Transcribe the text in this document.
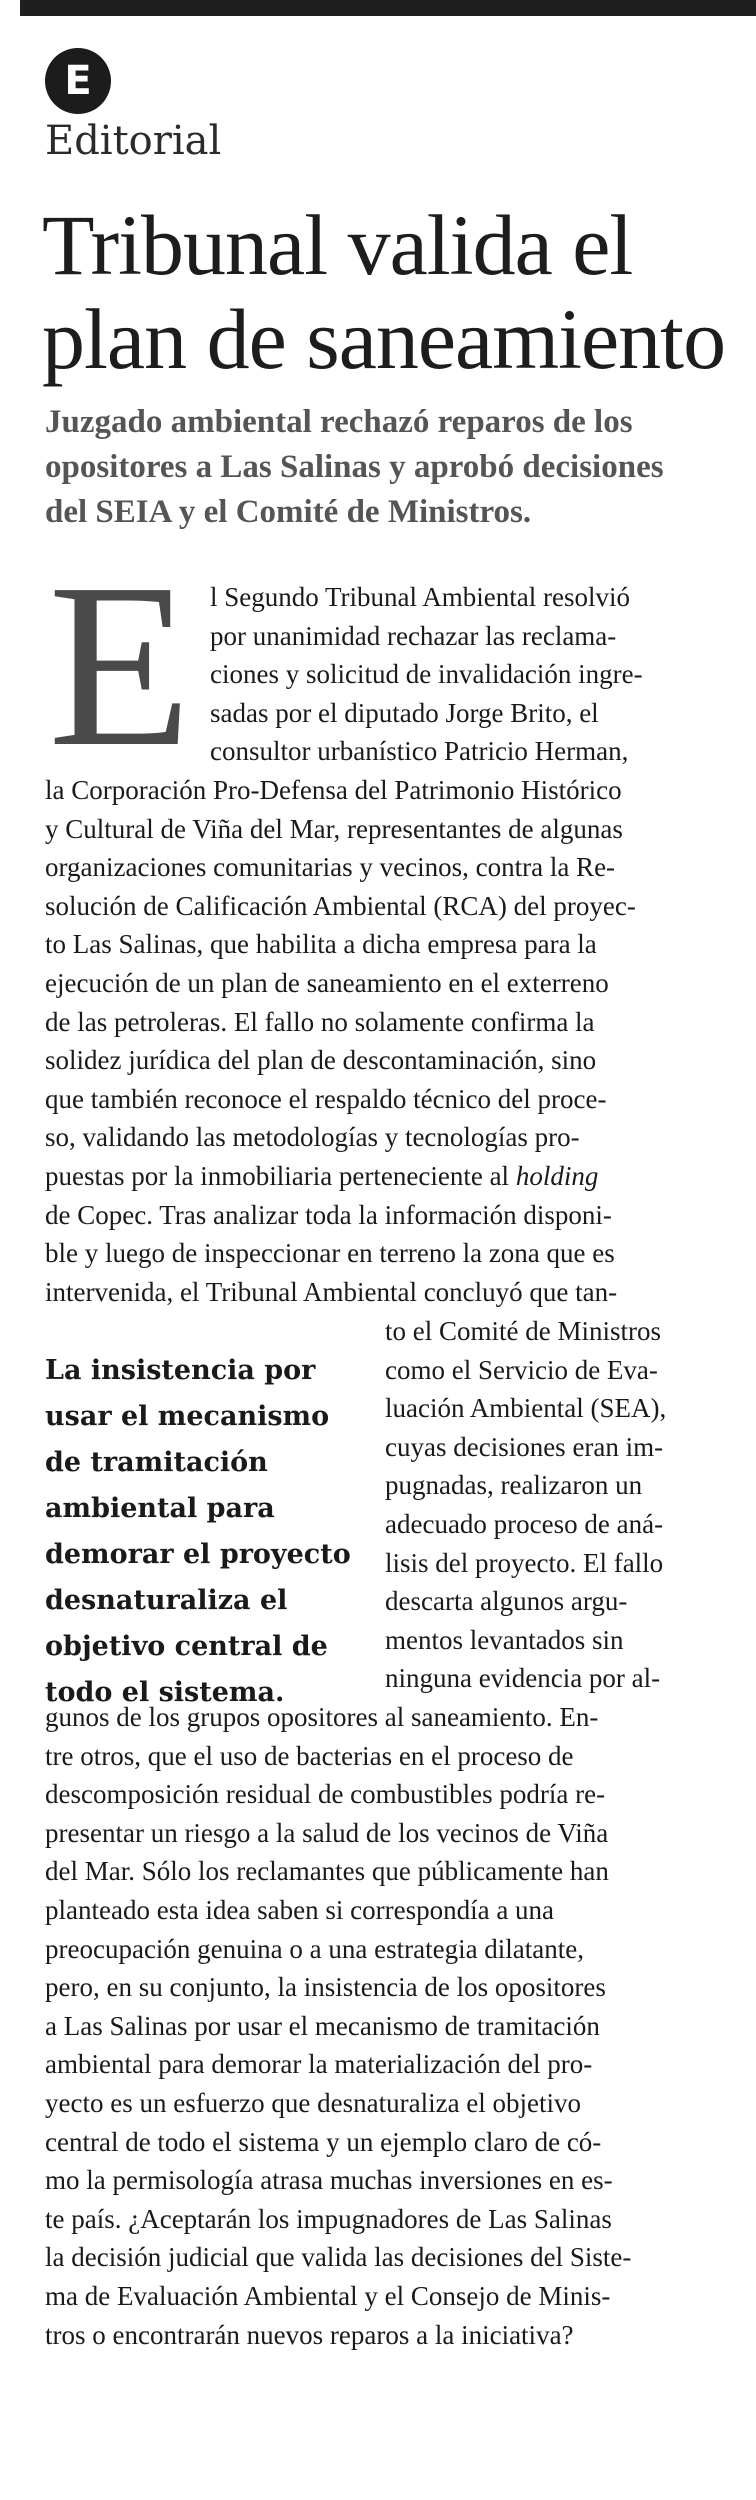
E
Editorial
Tribunal valida el
plan de saneamiento
Juzgado ambiental rechazó reparos de los
opositores a Las Salinas y aprobó decisiones
del SEIA y el Comité de Ministros.
E l Segundo Tribunal Ambiental resolvió
por unanimidad rechazar las reclama-
ciones y solicitud de invalidación ingre-
sadas por el diputado Jorge Brito, el
consultor urbanístico Patricio Herman,
la Corporación Pro-Defensa del Patrimonio Histórico
y Cultural de Viña del Mar, representantes de algunas
organizaciones comunitarias y vecinos, contra la Re-
solución de Calificación Ambiental (RCA) del proyec-
to Las Salinas, que habilita a dicha empresa para la
ejecución de un plan de saneamiento en el exterreno
de las petroleras. El fallo no solamente confirma la
solidez jurídica del plan de descontaminación, sino
que también reconoce el respaldo técnico del proce-
so, validando las metodologías y tecnologías pro-
puestas por la inmobiliaria perteneciente al holding
de Copec. Tras analizar toda la información disponi-
ble y luego de inspeccionar en terreno la zona que es
intervenida, el Tribunal Ambiental concluyó que tan-
to el Comité de Ministros
como el Servicio de Eva-
luación Ambiental (SEA),
cuyas decisiones eran im-
pugnadas, realizaron un
adecuado proceso de aná-
lisis del proyecto. El fallo
descarta algunos argu-
mentos levantados sin
ninguna evidencia por al-
gunos de los grupos opositores al saneamiento. En-
tre otros, que el uso de bacterias en el proceso de
descomposición residual de combustibles podría re-
presentar un riesgo a la salud de los vecinos de Viña
del Mar. Sólo los reclamantes que públicamente han
planteado esta idea saben si correspondía a una
preocupación genuina o a una estrategia dilatante,
pero, en su conjunto, la insistencia de los opositores
a Las Salinas por usar el mecanismo de tramitación
ambiental para demorar la materialización del pro-
yecto es un esfuerzo que desnaturaliza el objetivo
central de todo el sistema y un ejemplo claro de có-
mo la permisología atrasa muchas inversiones en es-
te país. ¿Aceptarán los impugnadores de Las Salinas
la decisión judicial que valida las decisiones del Siste-
ma de Evaluación Ambiental y el Consejo de Minis-
tros o encontrarán nuevos reparos a la iniciativa?
La insistencia por
usar el mecanismo
de tramitación
ambiental para
demorar el proyecto
desnaturaliza el
objetivo central de
todo el sistema.
